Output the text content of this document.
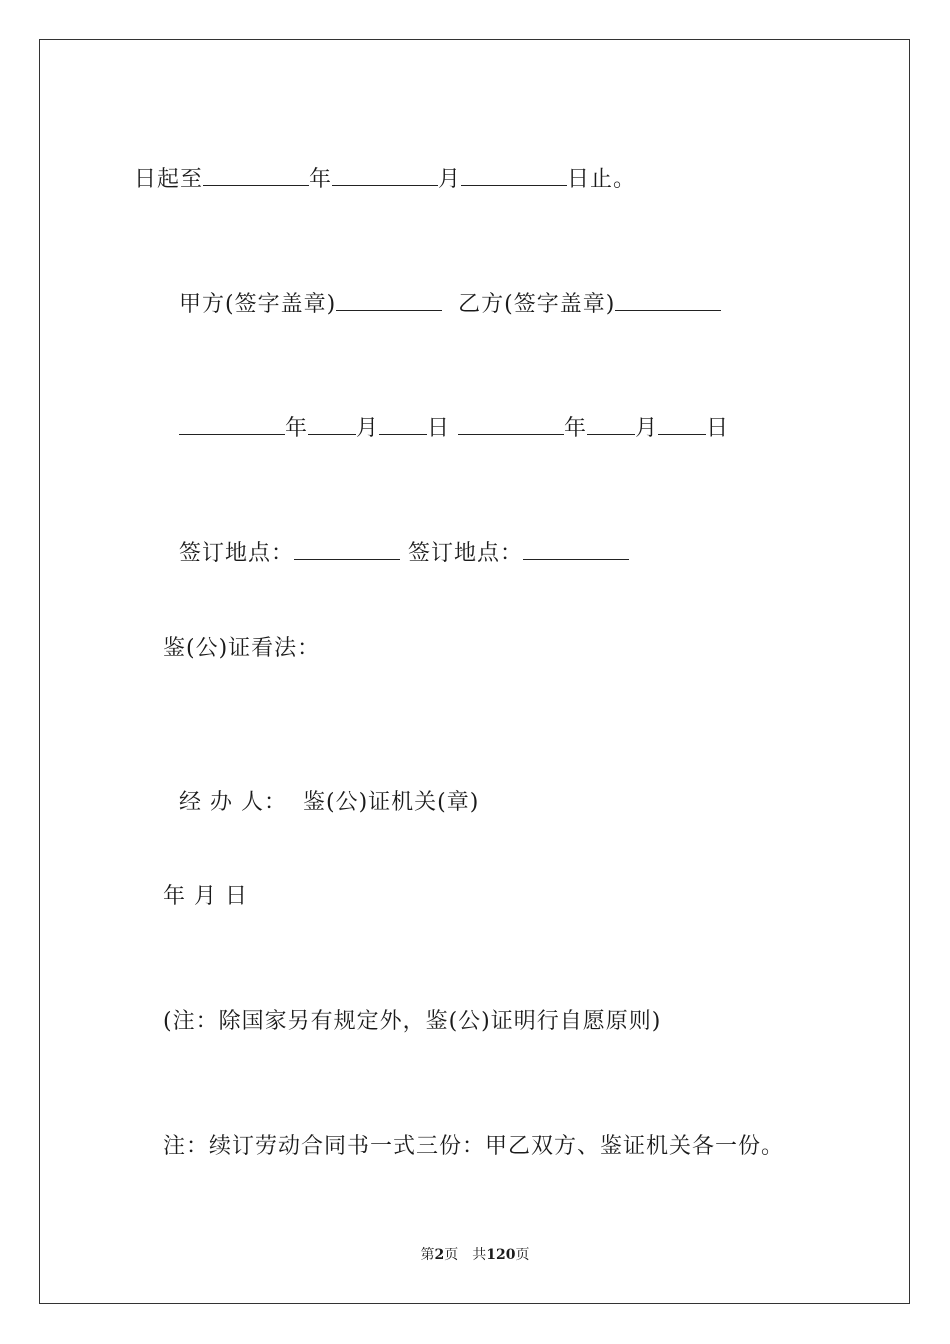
日起至	年	月	日止。

甲方(签字盖章)	乙方(签字盖章)

年 月 日	年 月 日

签订地点：	签订地点：

鉴(公)证看法：

经 办 人： 鉴(公)证机关(章)

年 月 日
(注：除国家另有规定外，鉴(公)证明行自愿原则)
注：续订劳动合同书一式三份：甲乙双方、鉴证机关各一份。
第2页　共120页
